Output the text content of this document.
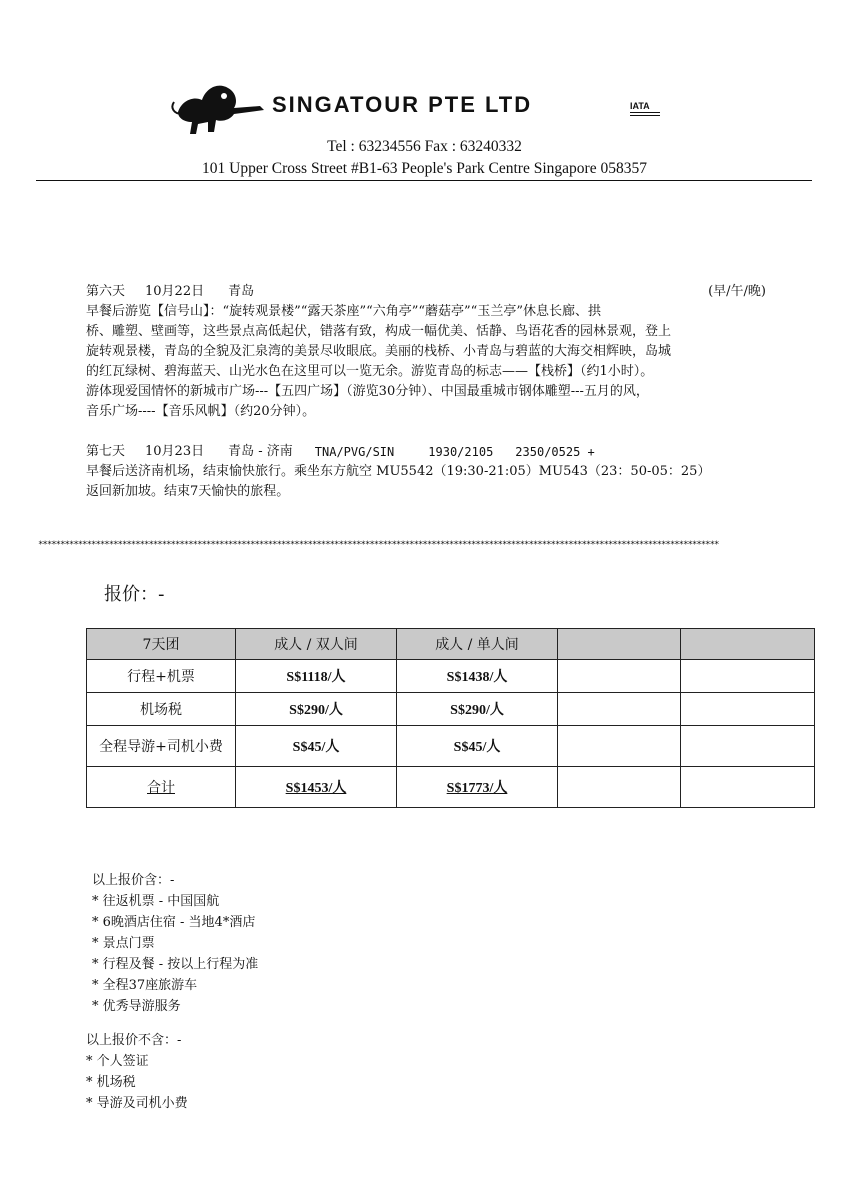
SINGATOUR PTE LTD	IATA
Tel : 63234556 Fax : 63240332
101 Upper Cross Street #B1-63 People's Park Centre Singapore 058357
第六天 10月22日 青岛	(早/午/晚)
早餐后游览【信号山】：“旋转观景楼”“露天茶座”“六角亭”“蘑菇亭”“玉兰亭”休息长廊、拱
桥、雕塑、壁画等，这些景点高低起伏，错落有致，构成一幅优美、恬静、鸟语花香的园林景观，登上
旋转观景楼，青岛的全貌及汇泉湾的美景尽收眼底。美丽的栈桥、小青岛与碧蓝的大海交相辉映，岛城
的红瓦绿树、碧海蓝天、山光水色在这里可以一览无余。游览青岛的标志——【栈桥】（约1小时）。
游体现爱国情怀的新城市广场---【五四广场】（游览30分钟）、中国最重城市钢体雕塑---五月的风，
音乐广场----【音乐风帆】（约20分钟）。
第七天 10月23日 青岛 - 济南 TNA/PVG/SIN	1930/2105 2350/0525 +
早餐后送济南机场，结束愉快旅行。乘坐东方航空 MU5542（19:30-21:05）MU543（23：50-05：25）
返回新加坡。结束7天愉快的旅程。
**********************************************************************************************************************************************************
报价：-
7天团	成人 / 双人间	成人 / 单人间		
行程+机票	S$1118/人	S$1438/人		
机场税	S$290/人	S$290/人		
全程导游+司机小费	S$45/人	S$45/人		
合计	S$1453/人	S$1773/人		
以上报价含：-
* 往返机票 - 中国国航
* 6晚酒店住宿 - 当地4*酒店
* 景点门票
* 行程及餐 - 按以上行程为准
* 全程37座旅游车
* 优秀导游服务
以上报价不含：-
* 个人签证
* 机场税
* 导游及司机小费
